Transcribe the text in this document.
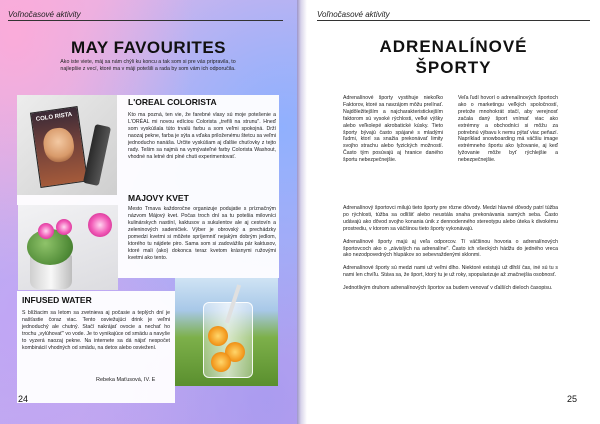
Voľnočasové aktivity
MAY FAVOURITES
Ako iste viete, máj sa nám chýli ku koncu a tak som si pre vás pripravila, to najlepšie z vecí, ktoré ma v máji potešili a rada by som vám ich odporučila.
COLO RISTA
L'OREAL COLORISTA
Kto ma pozná, ten vie, že farebné vlasy sú moje potešenie a L'ORÉAL mi novou edíciou Colorista „trefili na strunu". Hneď som vyskúšala túto trvalú farbu a som veľmi spokojná. Drží naozaj pekne, farba je sýta a vďaka priloženému štetcu sa veľmi jednoducho nanáša. Určite vyskúšam aj ďalšie chuťovky z tejto rady. Tešim sa najmä na vymývateľné farby Colorista Washout, vhodné na letné dni plné chuti experimentovať.
MAJOVY KVET
Mesto Trnava každoročne organizuje podujatie s príznačným názvom Májový kvet. Počas troch dní sa tu potešia milovníci kulinárskych nastíní, kaktusov a sukulentov ale aj cestovín a zeleninových sadeničiek. Výber je obrovský a prechádzky pomedzi kvetmi si môžete spríjemniť nejakým dobrým jedlom, ktorého tu nájdete piro. Sama som si zadovážila pár kaktusov, ktoré mali (ako) dokonca teraz kvetom krásnymi ružovými kvetmi ako tento.
INFUSED WATER
S blížiacim sa letom sa zvetnieva aj počasie a teplých dní je našťastie čoraz viac. Tento osviežujúci drink je veľmi jednoduchý ale chutný. Stačí nakrájať ovocie a nechať ho trochu „vylúhovať" vo vode. Je to vynikajúce od smädu a navyše to vyzerá naozaj pekne. Na internete sa dá nájsť nespočet kombinácií vhodných od smädu, na detox alebo osviežení.
Rebeka Maťusová, IV. E
24
Voľnočasové aktivity
ADRENALÍNOVÉ
ŠPORTY
Adrenalínové športy vystihuje niekoľko Faktorov, ktoré sa navzájom môžu prelínať. Najdôležitejším a najcharakteristickejším faktorom sú vysoké rýchlosti, veľké výšky alebo veľkolepé akrobatické kúsky. Tieto športy bývajú často spájané s mladými ľudmi, ktorí sa snažia prekonávať limity svojho strachu alebo fyzických možností. Často tým posúvajú aj hranice daného športu nebezpečnejšie.
Veľa ľudí hovorí o adrenalínových športoch ako o marketingu veľkých spoločností, pretože mnohokrát stačí, aby verejnosť začala daný šport vnímať viac ako extrémny a obchodníci si môžu za potrebnú výbavu k nemu pýtať viac peňazí. Napríklad snowboarding má väčšiu image extrémneho športu ako lyžovanie, aj keď lyžovanie môže byť rýchlejšie a nebezpečnejšie.

Adrenalínový športovci milujú tieto športy pre rôzne dôvody. Medzi hlavné dôvody patrí túžba po rýchlosti, túžba sa odlíšiť alebo neustála snaha prekonávania samých seba. Často udávajú ako dôvod svojho konania únik z dennodenného stereotypu alebo úteka k divokému prostrediu, v ktorom sa väčšinou tieto športy vykonávajú.

Adrenalínové športy majú aj veľa odporcov. Tí väčšinou hovoria o adrenalínových športovcoch ako o „závislých na adrenalíne". Často ich všeckých hádžu do jedného vreca ako nezodpovedných hlupákov so sebevraždenými sklonmi.

Adrenalínové športy sú medzi nami už veľmi dlho. Niektoré existujú už dlhší čas, iné sú tu s nami len chvíľu. Stáva sa, že šport, ktorý tu je už roky, spopularizuje až značnejšia osobnosť.

Jednotlivým druhom adrenalínových športov sa budem venovať v ďalších dieloch časopisu.

25
